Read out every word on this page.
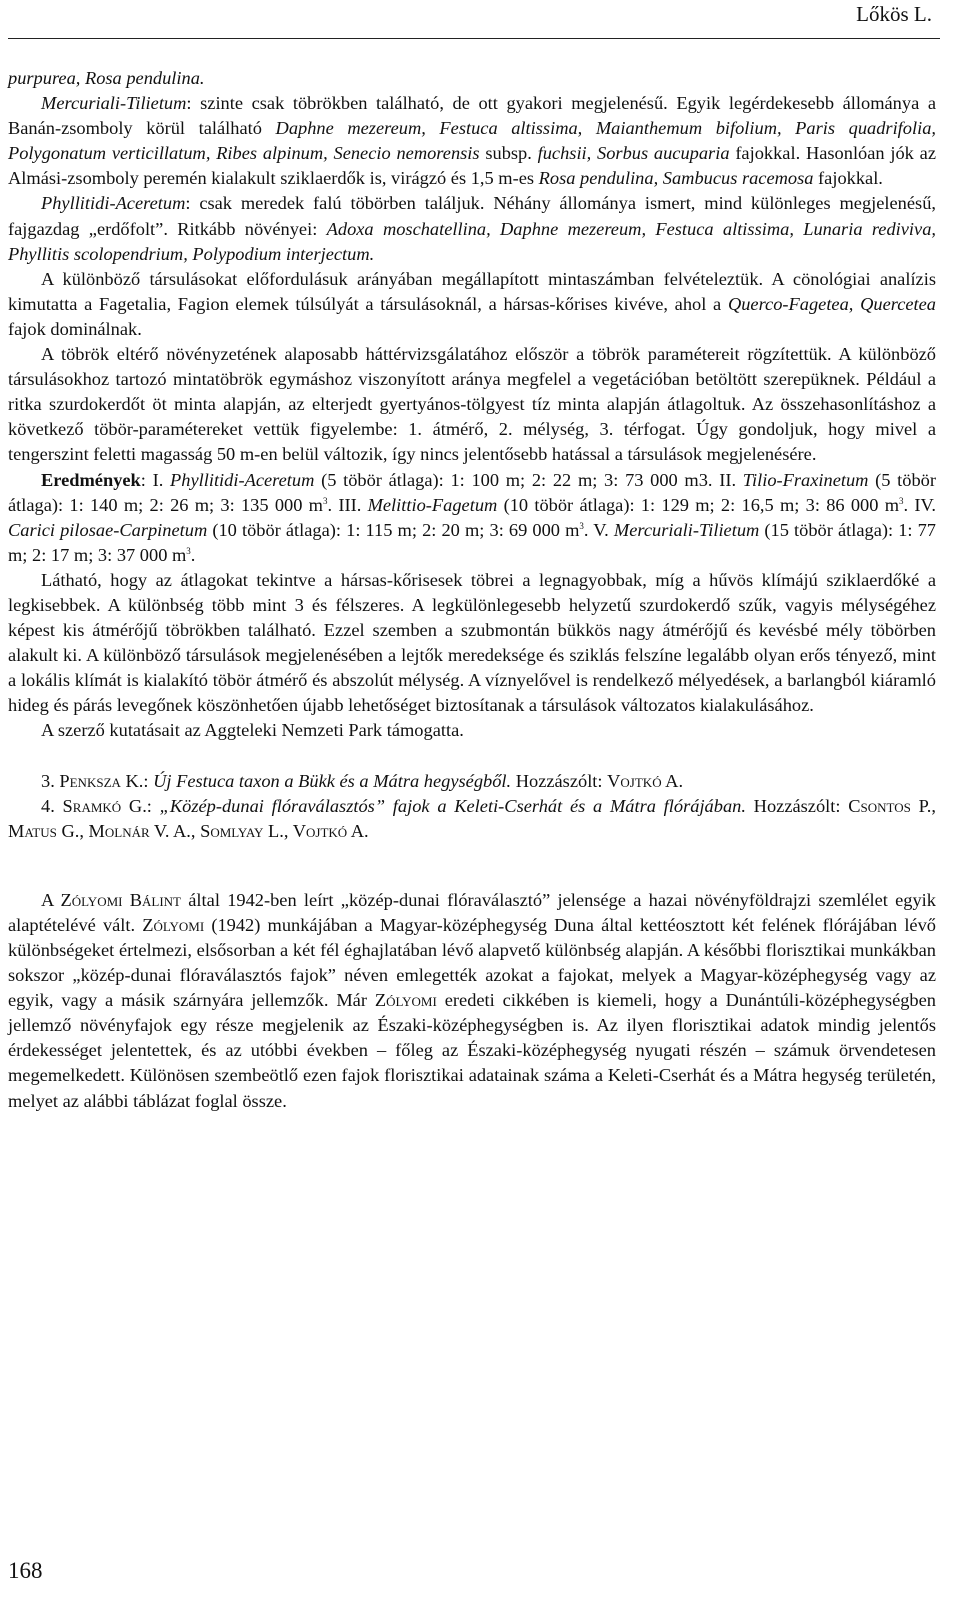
Lőkös L.

purpurea, Rosa pendulina.

Mercuriali-Tilietum: szinte csak töbrökben található, de ott gyakori megjelenésű. Egyik legérdekesebb állománya a Banán-zsomboly körül található Daphne mezereum, Festuca altissima, Maianthemum bifolium, Paris quadrifolia, Polygonatum verticillatum, Ribes alpinum, Senecio nemorensis subsp. fuchsii, Sorbus aucuparia fajokkal. Hasonlóan jók az Almási-zsomboly peremén kialakult sziklaerdők is, virágzó és 1,5 m-es Rosa pendulina, Sambucus racemosa fajokkal.

Phyllitidi-Aceretum: csak meredek falú töbörben találjuk. Néhány állománya ismert, mind különleges megjelenésű, fajgazdag „erdőfolt”. Ritkább növényei: Adoxa moschatellina, Daphne mezereum, Festuca altissima, Lunaria rediviva, Phyllitis scolopendrium, Polypodium interjectum.

A különböző társulásokat előfordulásuk arányában megállapított mintaszámban felvételeztük. A cönológiai analízis kimutatta a Fagetalia, Fagion elemek túlsúlyát a társulásoknál, a hársas-kőrises kivéve, ahol a Querco-Fagetea, Quercetea fajok dominálnak.

A töbrök eltérő növényzetének alaposabb háttérvizsgálatához először a töbrök paramétereit rögzítettük. A különböző társulásokhoz tartozó mintatöbrök egymáshoz viszonyított aránya megfelel a vegetációban betöltött szerepüknek. Például a ritka szurdokerdőt öt minta alapján, az elterjedt gyertyános-tölgyest tíz minta alapján átlagoltuk. Az összehasonlításhoz a következő töbör-paramétereket vettük figyelembe: 1. átmérő, 2. mélység, 3. térfogat. Úgy gondoljuk, hogy mivel a tengerszint feletti magasság 50 m-en belül változik, így nincs jelentősebb hatással a társulások megjelenésére.

Eredmények: I. Phyllitidi-Aceretum (5 töbör átlaga): 1: 100 m; 2: 22 m; 3: 73 000 m3. II. Tilio-Fraxinetum (5 töbör átlaga): 1: 140 m; 2: 26 m; 3: 135 000 $m^3$. III. Melittio-Fagetum (10 töbör átlaga): 1: 129 m; 2: 16,5 m; 3: 86 000 $m^3$. IV. Carici pilosae-Carpinetum (10 töbör átlaga): 1: 115 m; 2: 20 m; 3: 69 000 $m^3$. V. Mercuriali-Tilietum (15 töbör átlaga): 1: 77 m; 2: 17 m; 3: 37 000 $m^3$.

Látható, hogy az átlagokat tekintve a hársas-kőrisesek töbrei a legnagyobbak, míg a hűvös klímájú sziklaerdőké a legkisebbek. A különbség több mint 3 és félszeres. A legkülönlegesebb helyzetű szurdokerdő szűk, vagyis mélységéhez képest kis átmérőjű töbrökben található. Ezzel szemben a szubmontán bükkös nagy átmérőjű és kevésbé mély töbörben alakult ki. A különböző társulások megjelenésében a lejtők meredeksége és sziklás felszíne legalább olyan erős tényező, mint a lokális klímát is kialakító töbör átmérő és abszolút mélység. A víznyelővel is rendelkező mélyedések, a barlangból kiáramló hideg és párás levegőnek köszönhetően újabb lehetőséget biztosítanak a társulások változatos kialakulásához.

A szerző kutatásait az Aggteleki Nemzeti Park támogatta.

3. Penksza K.: Új Festuca taxon a Bükk és a Mátra hegységből. Hozzászólt: Vojtkó A.

4. Sramkó G.: „Közép-dunai flóraválasztós” fajok a Keleti-Cserhát és a Mátra flórájában. Hozzászólt: Csontos P., Matus G., Molnár V. A., Somlyay L., Vojtkó A.

A Zólyomi Bálint által 1942-ben leírt „közép-dunai flóraválasztó” jelensége a hazai növényföldrajzi szemlélet egyik alaptételévé vált. Zólyomi (1942) munkájában a Magyar-középhegység Duna által kettéosztott két felének flórájában lévő különbségeket értelmezi, elsősorban a két fél éghajlatában lévő alapvető különbség alapján. A későbbi florisztikai munkákban sokszor „közép-dunai flóraválasztós fajok” néven emlegették azokat a fajokat, melyek a Magyar-középhegység vagy az egyik, vagy a másik szárnyára jellemzők. Már Zólyomi eredeti cikkében is kiemeli, hogy a Dunántúli-középhegységben jellemző növényfajok egy része megjelenik az Északi-középhegységben is. Az ilyen florisztikai adatok mindig jelentős érdekességet jelentettek, és az utóbbi években – főleg az Északi-középhegység nyugati részén – számuk örvendetesen megemelkedett. Különösen szembeötlő ezen fajok florisztikai adatainak száma a Keleti-Cserhát és a Mátra hegység területén, melyet az alábbi táblázat foglal össze.

168
